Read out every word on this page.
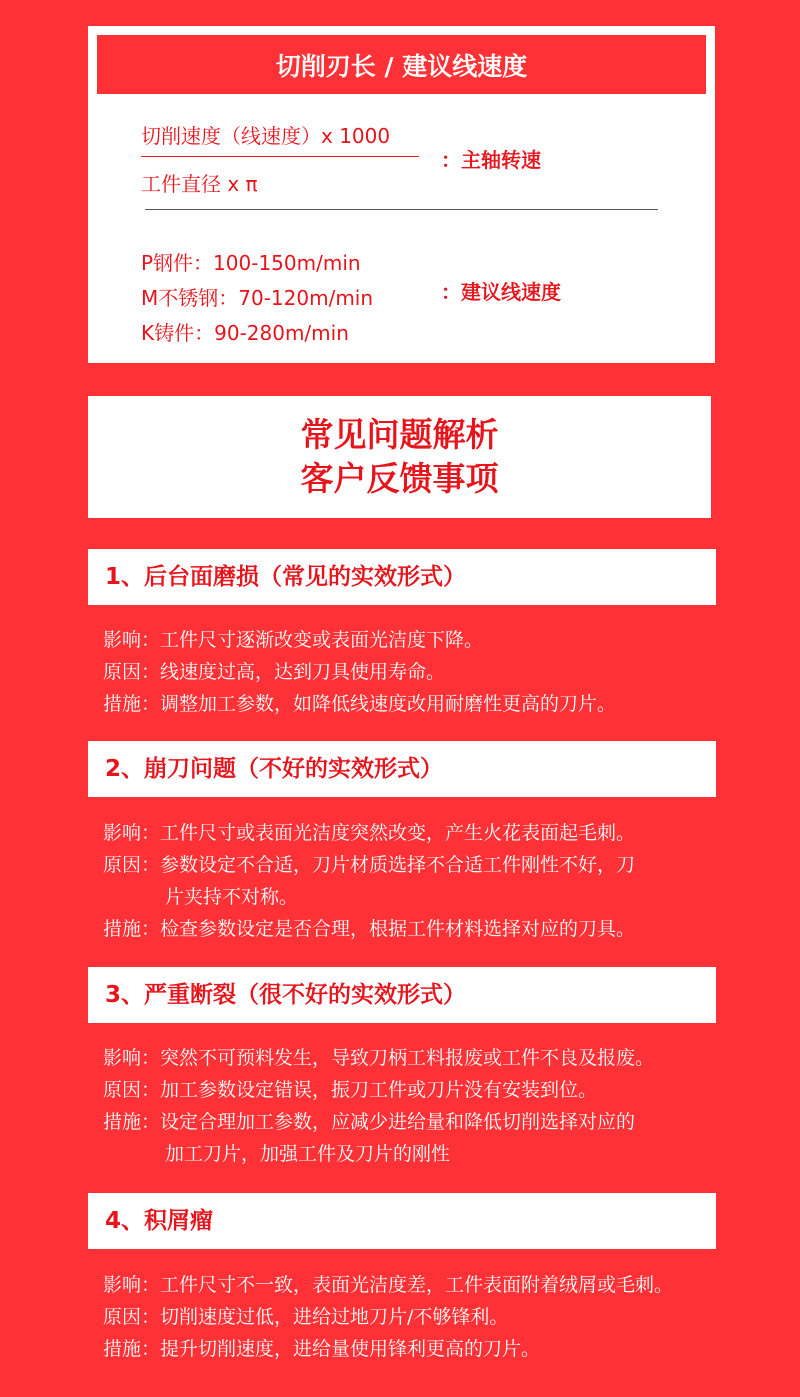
切削刃长 / 建议线速度
切削速度（线速度）x 1000
工件直径 x π
：主轴转速
P钢件：100-150m/min
M不锈钢：70-120m/min
K铸件：90-280m/min
：建议线速度
常见问题解析
客户反馈事项
1、后台面磨损（常见的实效形式）
影响：工件尺寸逐渐改变或表面光洁度下降。
原因：线速度过高，达到刀具使用寿命。
措施：调整加工参数，如降低线速度改用耐磨性更高的刀片。
2、崩刀问题（不好的实效形式）
影响：工件尺寸或表面光洁度突然改变，产生火花表面起毛刺。
原因：参数设定不合适，刀片材质选择不合适工件刚性不好，刀
片夹持不对称。
措施：检查参数设定是否合理，根据工件材料选择对应的刀具。
3、严重断裂（很不好的实效形式）
影响：突然不可预料发生，导致刀柄工料报废或工件不良及报废。
原因：加工参数设定错误，振刀工件或刀片没有安装到位。
措施：设定合理加工参数，应减少进给量和降低切削选择对应的
加工刀片，加强工件及刀片的刚性
4、积屑瘤
影响：工件尺寸不一致，表面光洁度差，工件表面附着绒屑或毛刺。
原因：切削速度过低，进给过地刀片/不够锋利。
措施：提升切削速度，进给量使用锋利更高的刀片。
